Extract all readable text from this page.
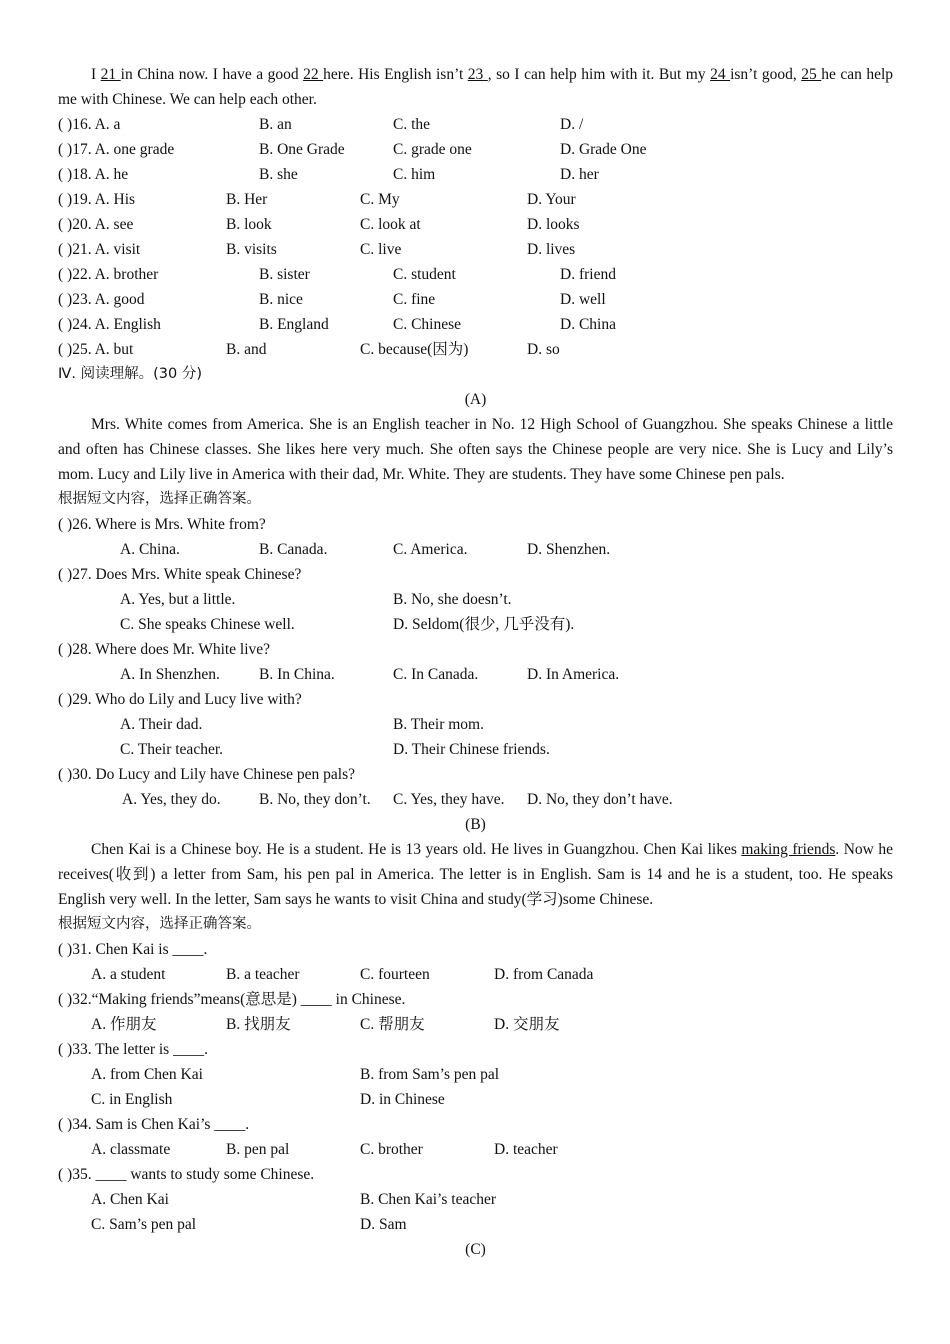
I 21 in China now. I have a good 22 here. His English isn’t 23 , so I can help him with it. But my 24 isn’t good, 25 he can help me with Chinese. We can help each other.

( )16. A. a	B. an	C. the	D. /
( )17. A. one grade	B. One Grade	C. grade one	D. Grade One
( )18. A. he	B. she	C. him	D. her
( )19. A. His	B. Her	C. My	D. Your
( )20. A. see	B. look	C. look at	D. looks
( )21. A. visit	B. visits	C. live	D. lives
( )22. A. brother	B. sister	C. student	D. friend
( )23. A. good	B. nice	C. fine	D. well
( )24. A. English	B. England	C. Chinese	D. China
( )25. A. but	B. and	C. because(因为)	D. so
Ⅳ. 阅读理解。(30 分)
(A)

Mrs. White comes from America. She is an English teacher in No. 12 High School of Guangzhou. She speaks Chinese a little and often has Chinese classes. She likes here very much. She often says the Chinese people are very nice. She is Lucy and Lily’s mom. Lucy and Lily live in America with their dad, Mr. White. They are students. They have some Chinese pen pals.

根据短文内容，选择正确答案。
( )26. Where is Mrs. White from?
A. China.	B. Canada.	C. America.	D. Shenzhen.
( )27. Does Mrs. White speak Chinese?
A. Yes, but a little.	B. No, she doesn’t.
C. She speaks Chinese well.	D. Seldom(很少, 几乎没有).
( )28. Where does Mr. White live?
A. In Shenzhen.	B. In China.	C. In Canada.	D. In America.
( )29. Who do Lily and Lucy live with?
A. Their dad.	B. Their mom.
C. Their teacher.	D. Their Chinese friends.
( )30. Do Lucy and Lily have Chinese pen pals?
A. Yes, they do. B. No, they don’t. C. Yes, they have. D. No, they don’t have.
(B)

Chen Kai is a Chinese boy. He is a student. He is 13 years old. He lives in Guangzhou. Chen Kai likes making friends. Now he receives(收到) a letter from Sam, his pen pal in America. The letter is in English. Sam is 14 and he is a student, too. He speaks English very well. In the letter, Sam says he wants to visit China and study(学习)some Chinese.

根据短文内容，选择正确答案。
( )31. Chen Kai is ____.
A. a student	B. a teacher	C. fourteen	D. from Canada
( )32.“Making friends”means(意思是) ____ in Chinese.
A. 作朋友	B. 找朋友	C. 帮朋友	D. 交朋友
( )33. The letter is ____.
A. from Chen Kai	B. from Sam’s pen pal
C. in English	D. in Chinese
( )34. Sam is Chen Kai’s ____.
A. classmate	B. pen pal	C. brother	D. teacher
( )35. ____ wants to study some Chinese.
A. Chen Kai	B. Chen Kai’s teacher
C. Sam’s pen pal	D. Sam
(C)
